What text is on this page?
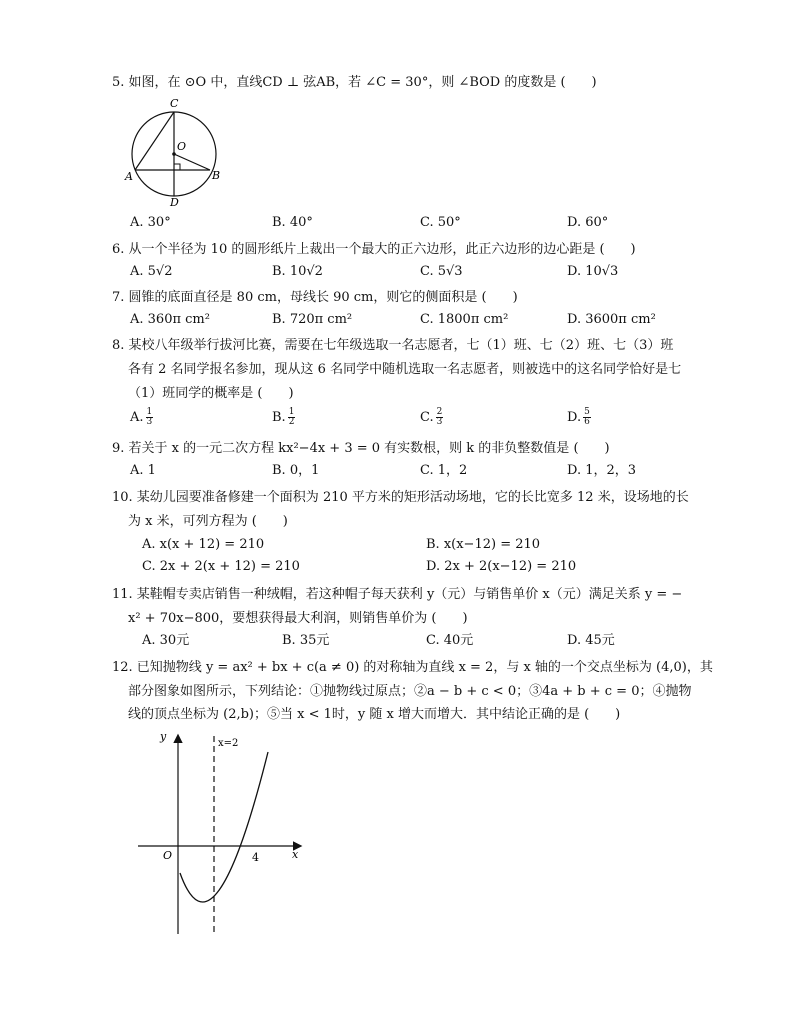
5. 如图，在 ⊙O 中，直线CD ⊥ 弦AB，若 ∠C = 30°，则 ∠BOD 的度数是 (　　)
C
O
A	B
D
A. 30°	B. 40°	C. 50°	D. 60°
6. 从一个半径为 10 的圆形纸片上裁出一个最大的正六边形，此正六边形的边心距是 (　　)
A. 5√2	B. 10√2	C. 5√3	D. 10√3
7. 圆锥的底面直径是 80 cm，母线长 90 cm，则它的侧面积是 (　　)
A. 360π cm²	B. 720π cm²	C. 1800π cm²	D. 3600π cm²
8. 某校八年级举行拔河比赛，需要在七年级选取一名志愿者，七（1）班、七（2）班、七（3）班
各有 2 名同学报名参加，现从这 6 名同学中随机选取一名志愿者，则被选中的这名同学恰好是七
（1）班同学的概率是 (　　)
A. $\frac{1}{3}$	B. $\frac{1}{2}$	C. $\frac{2}{3}$	D. $\frac{5}{6}$
9. 若关于 x 的一元二次方程 kx²−4x + 3 = 0 有实数根，则 k 的非负整数值是 (　　)
A. 1	B. 0，1	C. 1，2	D. 1，2，3
10. 某幼儿园要准备修建一个面积为 210 平方米的矩形活动场地，它的长比宽多 12 米，设场地的长
为 x 米，可列方程为 (　　)
A. x(x + 12) = 210	B. x(x−12) = 210
C. 2x + 2(x + 12) = 210	D. 2x + 2(x−12) = 210
11. 某鞋帽专卖店销售一种绒帽，若这种帽子每天获利 y（元）与销售单价 x（元）满足关系 y = −
x² + 70x−800，要想获得最大利润，则销售单价为 (　　)
A. 30元	B. 35元	C. 40元	D. 45元
12. 已知抛物线 y = ax² + bx + c(a ≠ 0) 的对称轴为直线 x = 2，与 x 轴的一个交点坐标为 (4,0)，其
部分图象如图所示，下列结论：①抛物线过原点；②a − b + c < 0；③4a + b + c = 0；④抛物
线的顶点坐标为 (2,b)；⑤当 x < 1时，y 随 x 增大而增大．其中结论正确的是 (　　)
y
x
O	4
x=2
